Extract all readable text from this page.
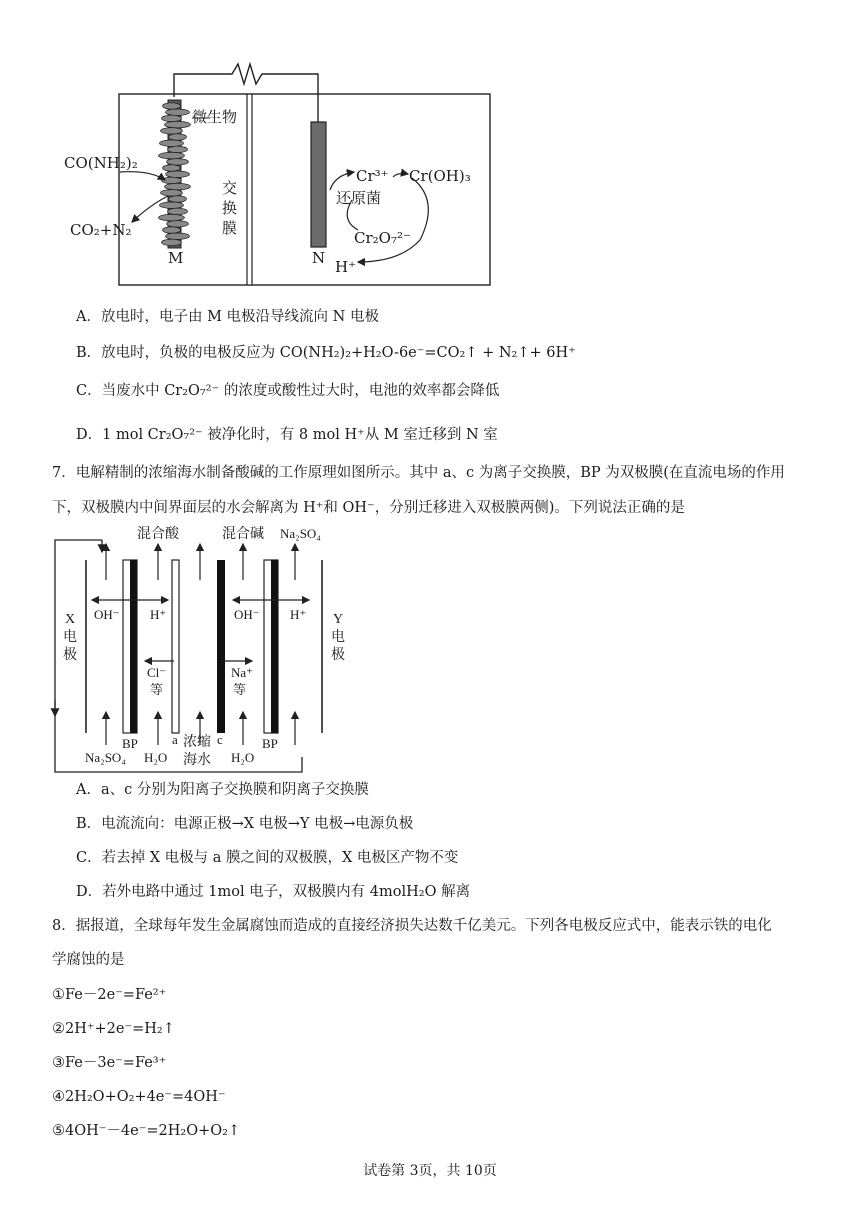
微生物
CO(NH₂)₂
CO₂+N₂
M
交
换
膜
N
Cr³⁺ Cr(OH)₃
还原菌
Cr₂O₇²⁻
H⁺
A．放电时，电子由 M 电极沿导线流向 N 电极
B．放电时，负极的电极反应为 CO(NH₂)₂+H₂O-6e⁻=CO₂↑ + N₂↑+ 6H⁺
C．当废水中 Cr₂O₇²⁻ 的浓度或酸性过大时，电池的效率都会降低
D．1 mol Cr₂O₇²⁻ 被净化时，有 8 mol H⁺从 M 室迁移到 N 室
7．电解精制的浓缩海水制备酸碱的工作原理如图所示。其中 a、c 为离子交换膜，BP 为双极膜(在直流电场的作用
下，双极膜内中间界面层的水会解离为 H⁺和 OH⁻，分别迁移进入双极膜两侧)。下列说法正确的是
混合酸	混合碱 Na₂SO₄
X
电
极
Y
电
极
OH⁻ H⁺	OH⁻ H⁺
Cl⁻
等
Na⁺
等
BP	BP
a	c
浓缩
海水
Na₂SO₄ H₂O	H₂O
A．a、c 分别为阳离子交换膜和阴离子交换膜
B．电流流向：电源正极→X 电极→Y 电极→电源负极
C．若去掉 X 电极与 a 膜之间的双极膜，X 电极区产物不变
D．若外电路中通过 1mol 电子，双极膜内有 4molH₂O 解离
8．据报道，全球每年发生金属腐蚀而造成的直接经济损失达数千亿美元。下列各电极反应式中，能表示铁的电化
学腐蚀的是
①Fe－2e⁻=Fe²⁺
②2H⁺+2e⁻=H₂↑
③Fe－3e⁻=Fe³⁺
④2H₂O+O₂+4e⁻=4OH⁻
⑤4OH⁻－4e⁻=2H₂O+O₂↑
试卷第 3页，共 10页
